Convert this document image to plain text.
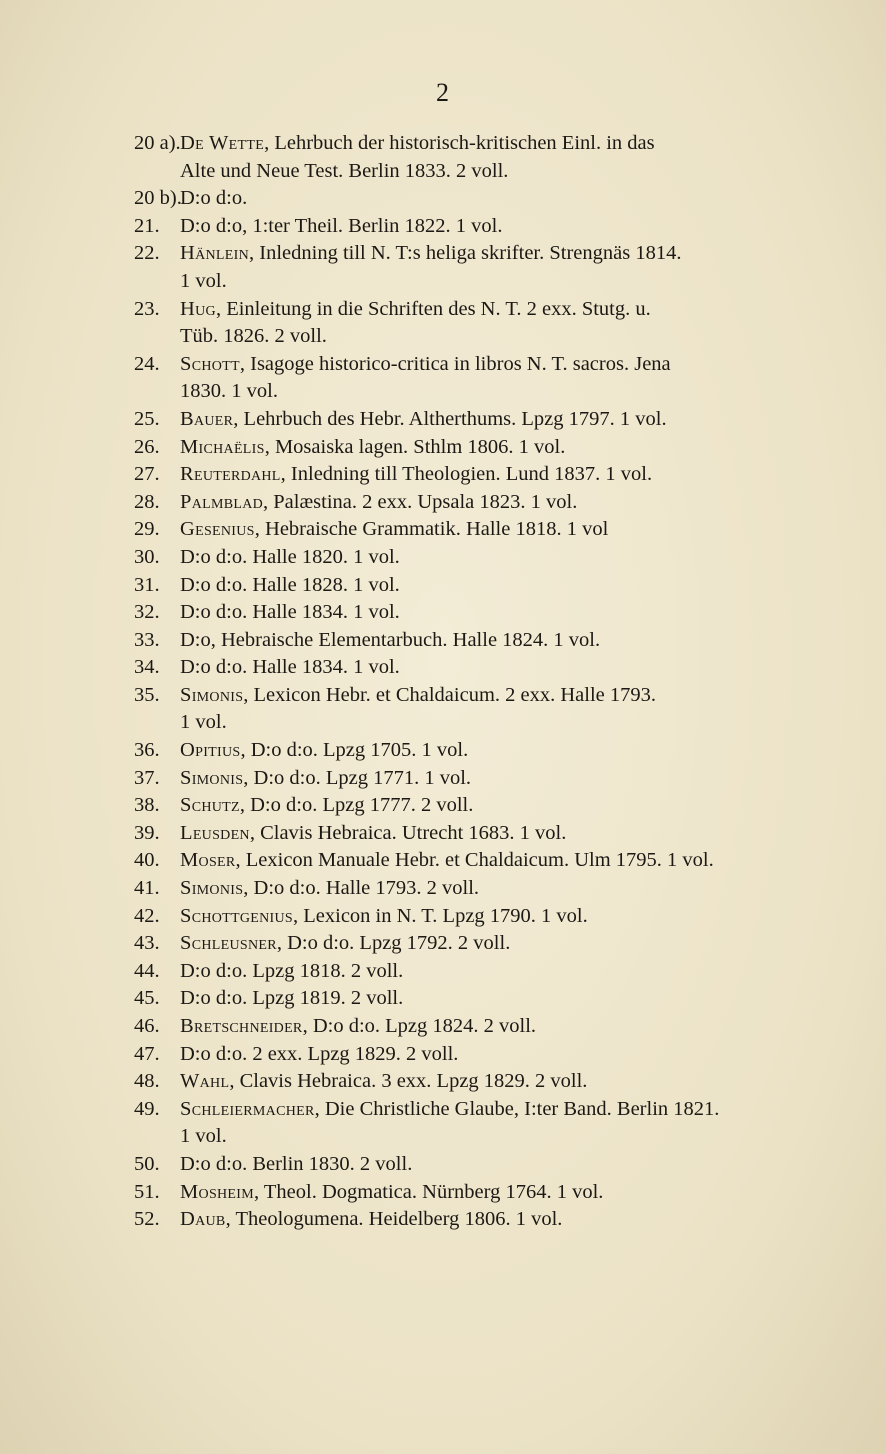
2
20 a). De Wette, Lehrbuch der historisch-kritischen Einl. in das
Alte und Neue Test. Berlin 1833. 2 voll.
20 b).
D:o d:o.
21. D:o d:o, 1:ter Theil. Berlin 1822. 1 vol.
22. Hänlein, Inledning till N. T:s heliga skrifter. Strengnäs 1814.
1 vol.
23. Hug, Einleitung in die Schriften des N. T. 2 exx. Stutg. u.
Tüb. 1826. 2 voll.
24. Schott, Isagoge historico-critica in libros N. T. sacros. Jena
1830. 1 vol.
25. Bauer, Lehrbuch des Hebr. Altherthums. Lpzg 1797. 1 vol.
26. Michaëlis, Mosaiska lagen. Sthlm 1806. 1 vol.
27. Reuterdahl, Inledning till Theologien. Lund 1837. 1 vol.
28. Palmblad, Palæstina. 2 exx. Upsala 1823. 1 vol.
29. Gesenius, Hebraische Grammatik. Halle 1818. 1 vol
30. D:o d:o. Halle 1820. 1 vol.
31. D:o d:o. Halle 1828. 1 vol.
32. D:o d:o. Halle 1834. 1 vol.
33. D:o, Hebraische Elementarbuch. Halle 1824. 1 vol.
34. D:o d:o. Halle 1834. 1 vol.
35. Simonis, Lexicon Hebr. et Chaldaicum. 2 exx. Halle 1793.
1 vol.
36. Opitius, D:o d:o. Lpzg 1705. 1 vol.
37. Simonis, D:o d:o. Lpzg 1771. 1 vol.
38. Schutz, D:o d:o. Lpzg 1777. 2 voll.
39. Leusden, Clavis Hebraica. Utrecht 1683. 1 vol.
40. Moser, Lexicon Manuale Hebr. et Chaldaicum. Ulm 1795. 1 vol.
41. Simonis, D:o d:o. Halle 1793. 2 voll.
42. Schottgenius, Lexicon in N. T. Lpzg 1790. 1 vol.
43. Schleusner, D:o d:o. Lpzg 1792. 2 voll.
44. D:o d:o. Lpzg 1818. 2 voll.
45. D:o d:o. Lpzg 1819. 2 voll.
46. Bretschneider, D:o d:o. Lpzg 1824. 2 voll.
47. D:o d:o. 2 exx. Lpzg 1829. 2 voll.
48. Wahl, Clavis Hebraica. 3 exx. Lpzg 1829. 2 voll.
49. Schleiermacher, Die Christliche Glaube, I:ter Band. Berlin 1821.
1 vol.
50. D:o d:o. Berlin 1830. 2 voll.
51. Mosheim, Theol. Dogmatica. Nürnberg 1764. 1 vol.
52. Daub, Theologumena. Heidelberg 1806. 1 vol.
